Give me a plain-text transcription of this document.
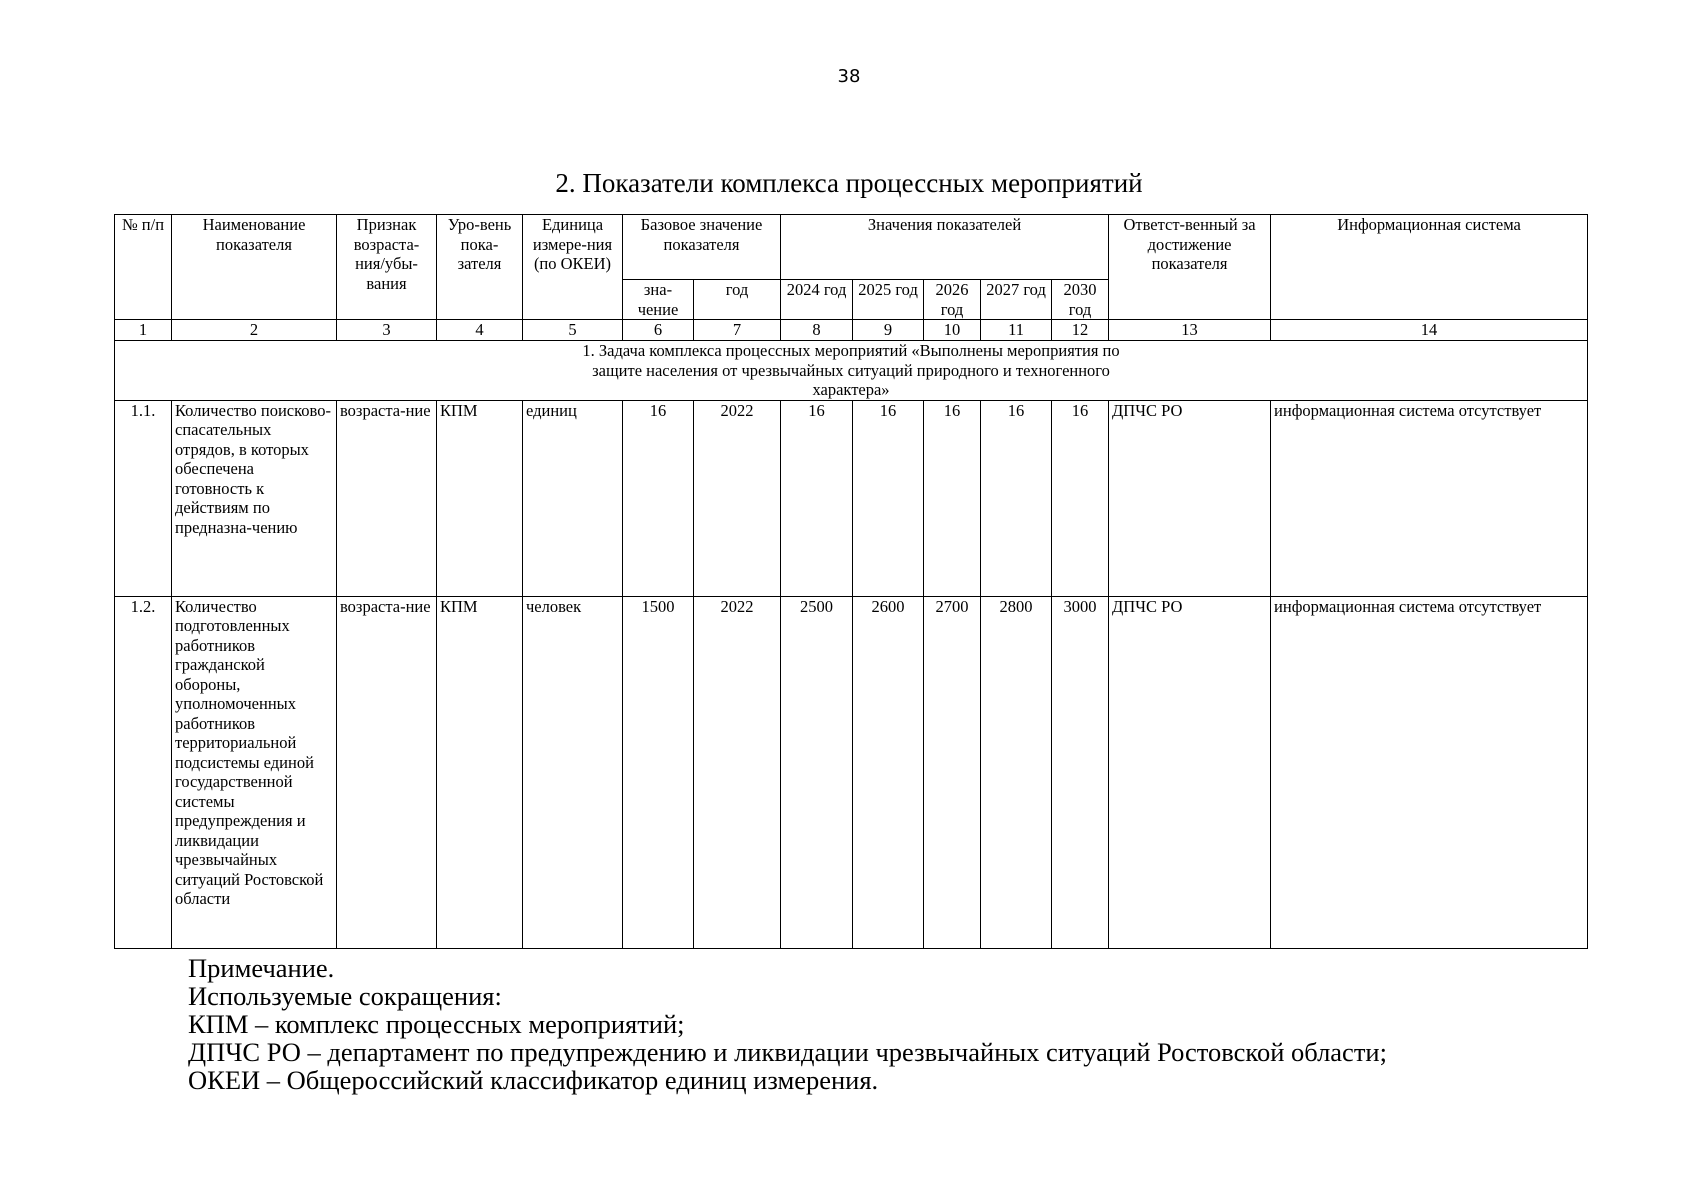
38
2. Показатели комплекса процессных мероприятий
№ п/п	Наименование показателя	Признак возраста-ния/убы-вания	Уро-вень пока-зателя	Единица измере-ния (по ОКЕИ)	Базовое значение показателя		Значения показателей					Ответст-венный за достижение показателя	Информационная система
					зна-чение	год	2024 год	2025 год	2026 год	2027 год	2030 год		
1	2	3	4	5	6	7	8	9	10	11	12	13	14
1. Задача комплекса процессных мероприятий «Выполнены мероприятия по защите населения от чрезвычайных ситуаций природного и техногенного характера»													
1.1.	Количество поисково-спасательных отрядов, в которых обеспечена готовность к действиям по предназна-чению	возраста-ние	КПМ	единиц	16	2022	16	16	16	16	16	ДПЧС РО	информационная система отсутствует
1.2.	Количество подготовленных работников гражданской обороны, уполномоченных работников территориальной подсистемы единой государственной системы предупреждения и ликвидации чрезвычайных ситуаций Ростовской области	возраста-ние	КПМ	человек	1500	2022	2500	2600	2700	2800	3000	ДПЧС РО	информационная система отсутствует
Примечание.
Используемые сокращения:
КПМ – комплекс процессных мероприятий;
ДПЧС РО – департамент по предупреждению и ликвидации чрезвычайных ситуаций Ростовской области;
ОКЕИ – Общероссийский классификатор единиц измерения.
